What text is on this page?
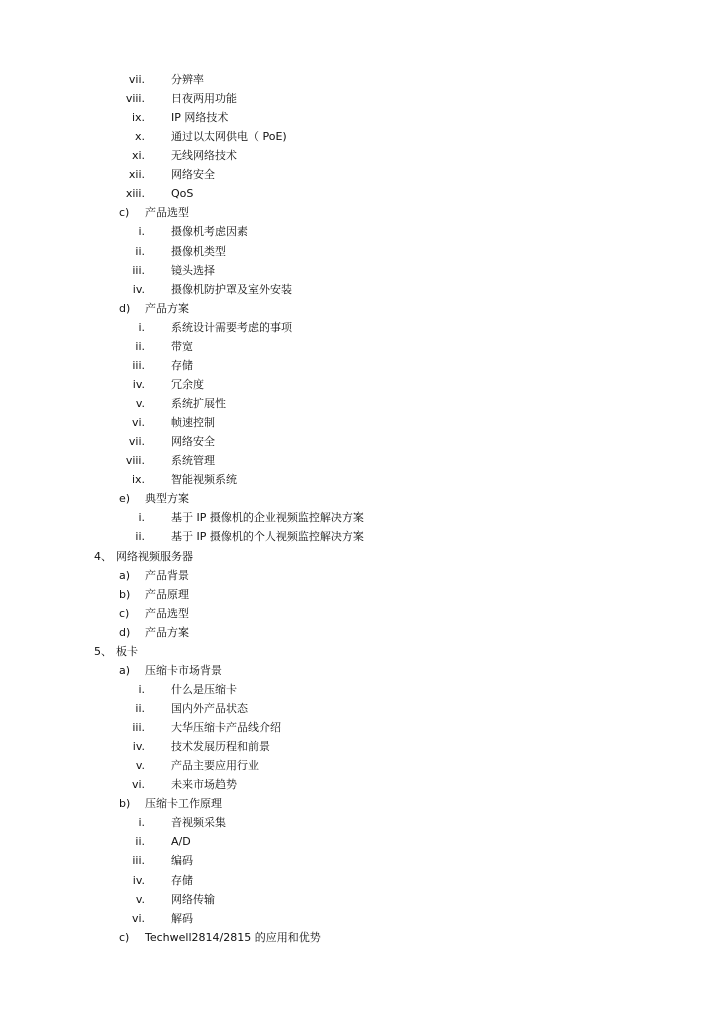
vii. 分辨率
viii. 日夜两用功能
ix. IP 网络技术
x. 通过以太网供电（ PoE)
xi. 无线网络技术
xii. 网络安全
xiii. QoS
c) 产品选型
i. 摄像机考虑因素
ii. 摄像机类型
iii. 镜头选择
iv. 摄像机防护罩及室外安装
d) 产品方案
i. 系统设计需要考虑的事项
ii. 带宽
iii. 存储
iv. 冗余度
v. 系统扩展性
vi. 帧速控制
vii. 网络安全
viii. 系统管理
ix. 智能视频系统
e) 典型方案
i. 基于 IP 摄像机的企业视频监控解决方案
ii. 基于 IP 摄像机的个人视频监控解决方案
4、 网络视频服务器
a) 产品背景
b) 产品原理
c) 产品选型
d) 产品方案
5、 板卡
a) 压缩卡市场背景
i. 什么是压缩卡
ii. 国内外产品状态
iii. 大华压缩卡产品线介绍
iv. 技术发展历程和前景
v. 产品主要应用行业
vi. 未来市场趋势
b) 压缩卡工作原理
i. 音视频采集
ii. A/D
iii. 编码
iv. 存储
v. 网络传输
vi. 解码
c) Techwell2814/2815 的应用和优势
